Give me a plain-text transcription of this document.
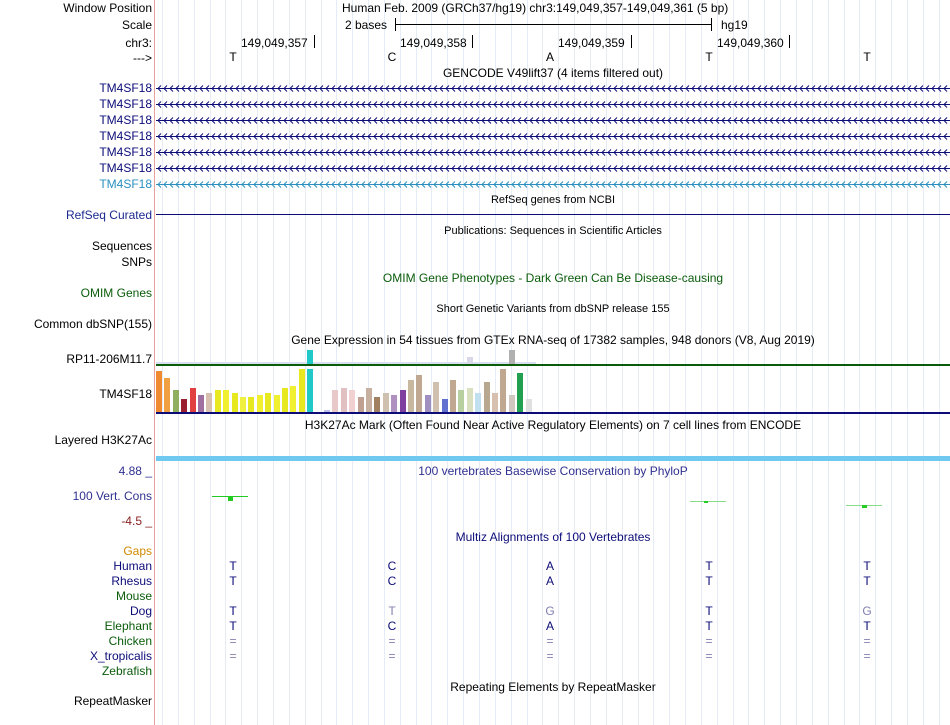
Window Position	Human Feb. 2009 (GRCh37/hg19) chr3:149,049,357-149,049,361 (5 bp)
Scale	2 bases	hg19
chr3:	149,049,357	149,049,358	149,049,359	149,049,360
--->	T	C	A	T	T
GENCODE V49lift37 (4 items filtered out)
TM4SF18
TM4SF18
TM4SF18
TM4SF18
TM4SF18
TM4SF18
TM4SF18
RefSeq genes from NCBI
RefSeq Curated
Publications: Sequences in Scientific Articles
Sequences
SNPs
OMIM Gene Phenotypes - Dark Green Can Be Disease-causing
OMIM Genes
Short Genetic Variants from dbSNP release 155
Common dbSNP(155)
Gene Expression in 54 tissues from GTEx RNA-seq of 17382 samples, 948 donors (V8, Aug 2019)
RP11-206M11.7
TM4SF18
H3K27Ac Mark (Often Found Near Active Regulatory Elements) on 7 cell lines from ENCODE
Layered H3K27Ac
100 vertebrates Basewise Conservation by PhyloP
4.88 _
100 Vert. Cons
-4.5 _
Multiz Alignments of 100 Vertebrates
Gaps
Human	T	C	A	T	T
Rhesus	T	C	A	T	T
Mouse
Dog	T	T	G	T	G
Elephant	T	C	A	T	T
Chicken	=	=	=	=	=
X_tropicalis	=	=	=	=	=
Zebrafish
Repeating Elements by RepeatMasker
RepeatMasker
